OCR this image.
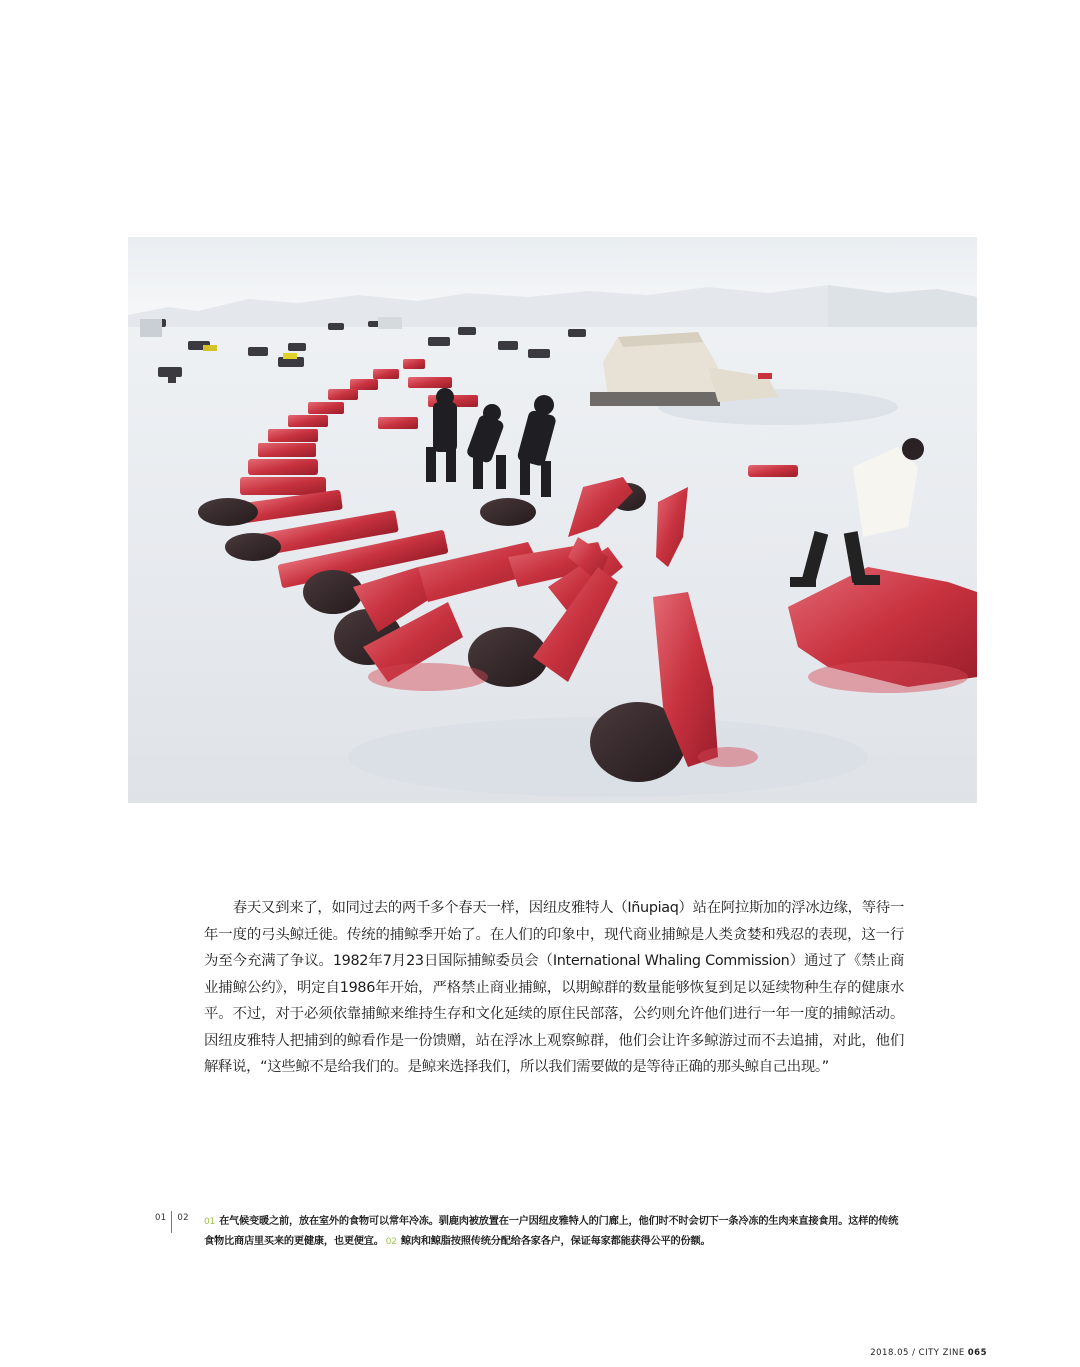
春天又到来了，如同过去的两千多个春天一样，因纽皮雅特人（Iñupiaq）站在阿拉斯加的浮冰边缘，等待一年一度的弓头鲸迁徙。传统的捕鲸季开始了。在人们的印象中，现代商业捕鲸是人类贪婪和残忍的表现，这一行为至今充满了争议。1982年7月23日国际捕鲸委员会（International Whaling Commission）通过了《禁止商业捕鲸公约》，明定自1986年开始，严格禁止商业捕鲸，以期鲸群的数量能够恢复到足以延续物种生存的健康水平。不过，对于必须依靠捕鲸来维持生存和文化延续的原住民部落，公约则允许他们进行一年一度的捕鲸活动。因纽皮雅特人把捕到的鲸看作是一份馈赠，站在浮冰上观察鲸群，他们会让许多鲸游过而不去追捕，对此，他们解释说，“这些鲸不是给我们的。是鲸来选择我们，所以我们需要做的是等待正确的那头鲸自己出现。”

01 02 01 在气候变暖之前，放在室外的食物可以常年冷冻。驯鹿肉被放置在一户因纽皮雅特人的门廊上，他们时不时会切下一条冷冻的生肉来直接食用。这样的传统食物比商店里买来的更健康，也更便宜。 02 鲸肉和鲸脂按照传统分配给各家各户，保证每家都能获得公平的份额。

2018.05 / CITY ZINE 065
